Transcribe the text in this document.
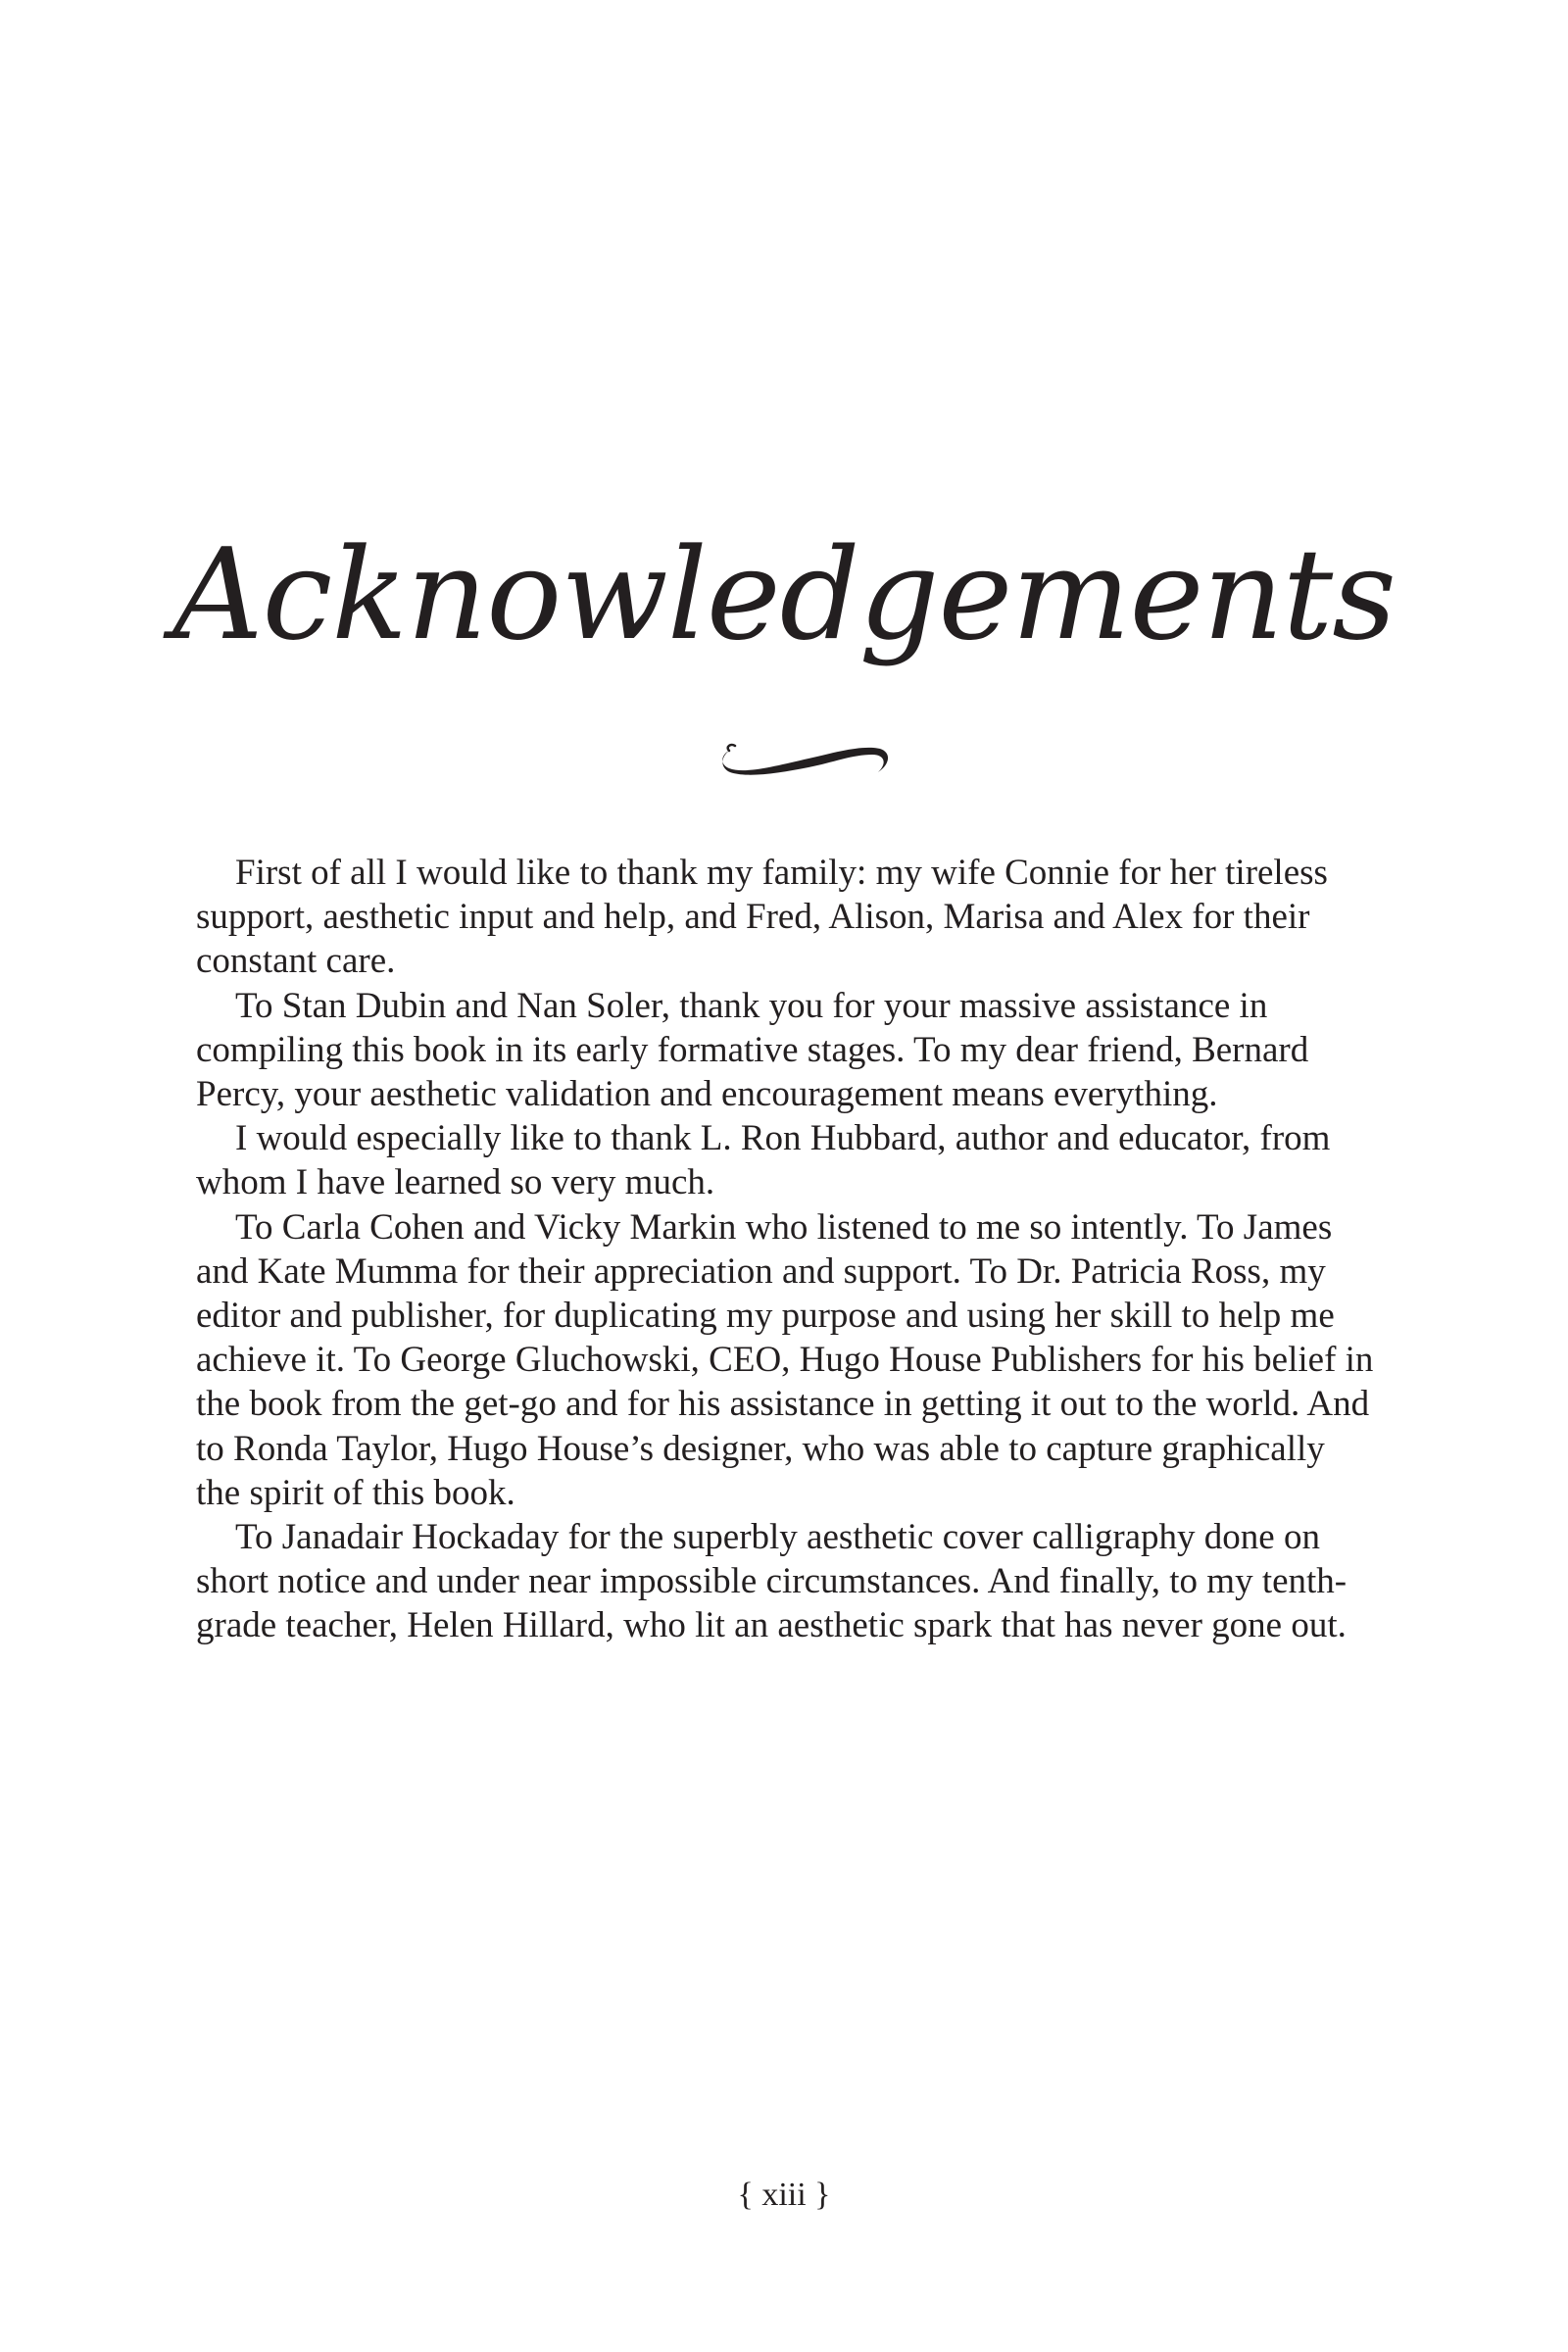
Acknowledgements

First of all I would like to thank my family: my wife Connie for her tireless support, aesthetic input and help, and Fred, Alison, Marisa and Alex for their constant care.

To Stan Dubin and Nan Soler, thank you for your massive assistance in compiling this book in its early formative stages. To my dear friend, Bernard Percy, your aesthetic validation and encouragement means everything.

I would especially like to thank L. Ron Hubbard, author and educator, from whom I have learned so very much.

To Carla Cohen and Vicky Markin who listened to me so intently. To James and Kate Mumma for their appreciation and support. To Dr. Patricia Ross, my editor and publisher, for duplicating my purpose and using her skill to help me achieve it. To George Gluchowski, CEO, Hugo House Publishers for his belief in the book from the get-go and for his assistance in getting it out to the world. And to Ronda Taylor, Hugo House’s designer, who was able to capture graphically the spirit of this book.

To Janadair Hockaday for the superbly aesthetic cover calligraphy done on short notice and under near impossible circumstances. And finally, to my tenth-grade teacher, Helen Hillard, who lit an aesthetic spark that has never gone out.

{ xiii }
